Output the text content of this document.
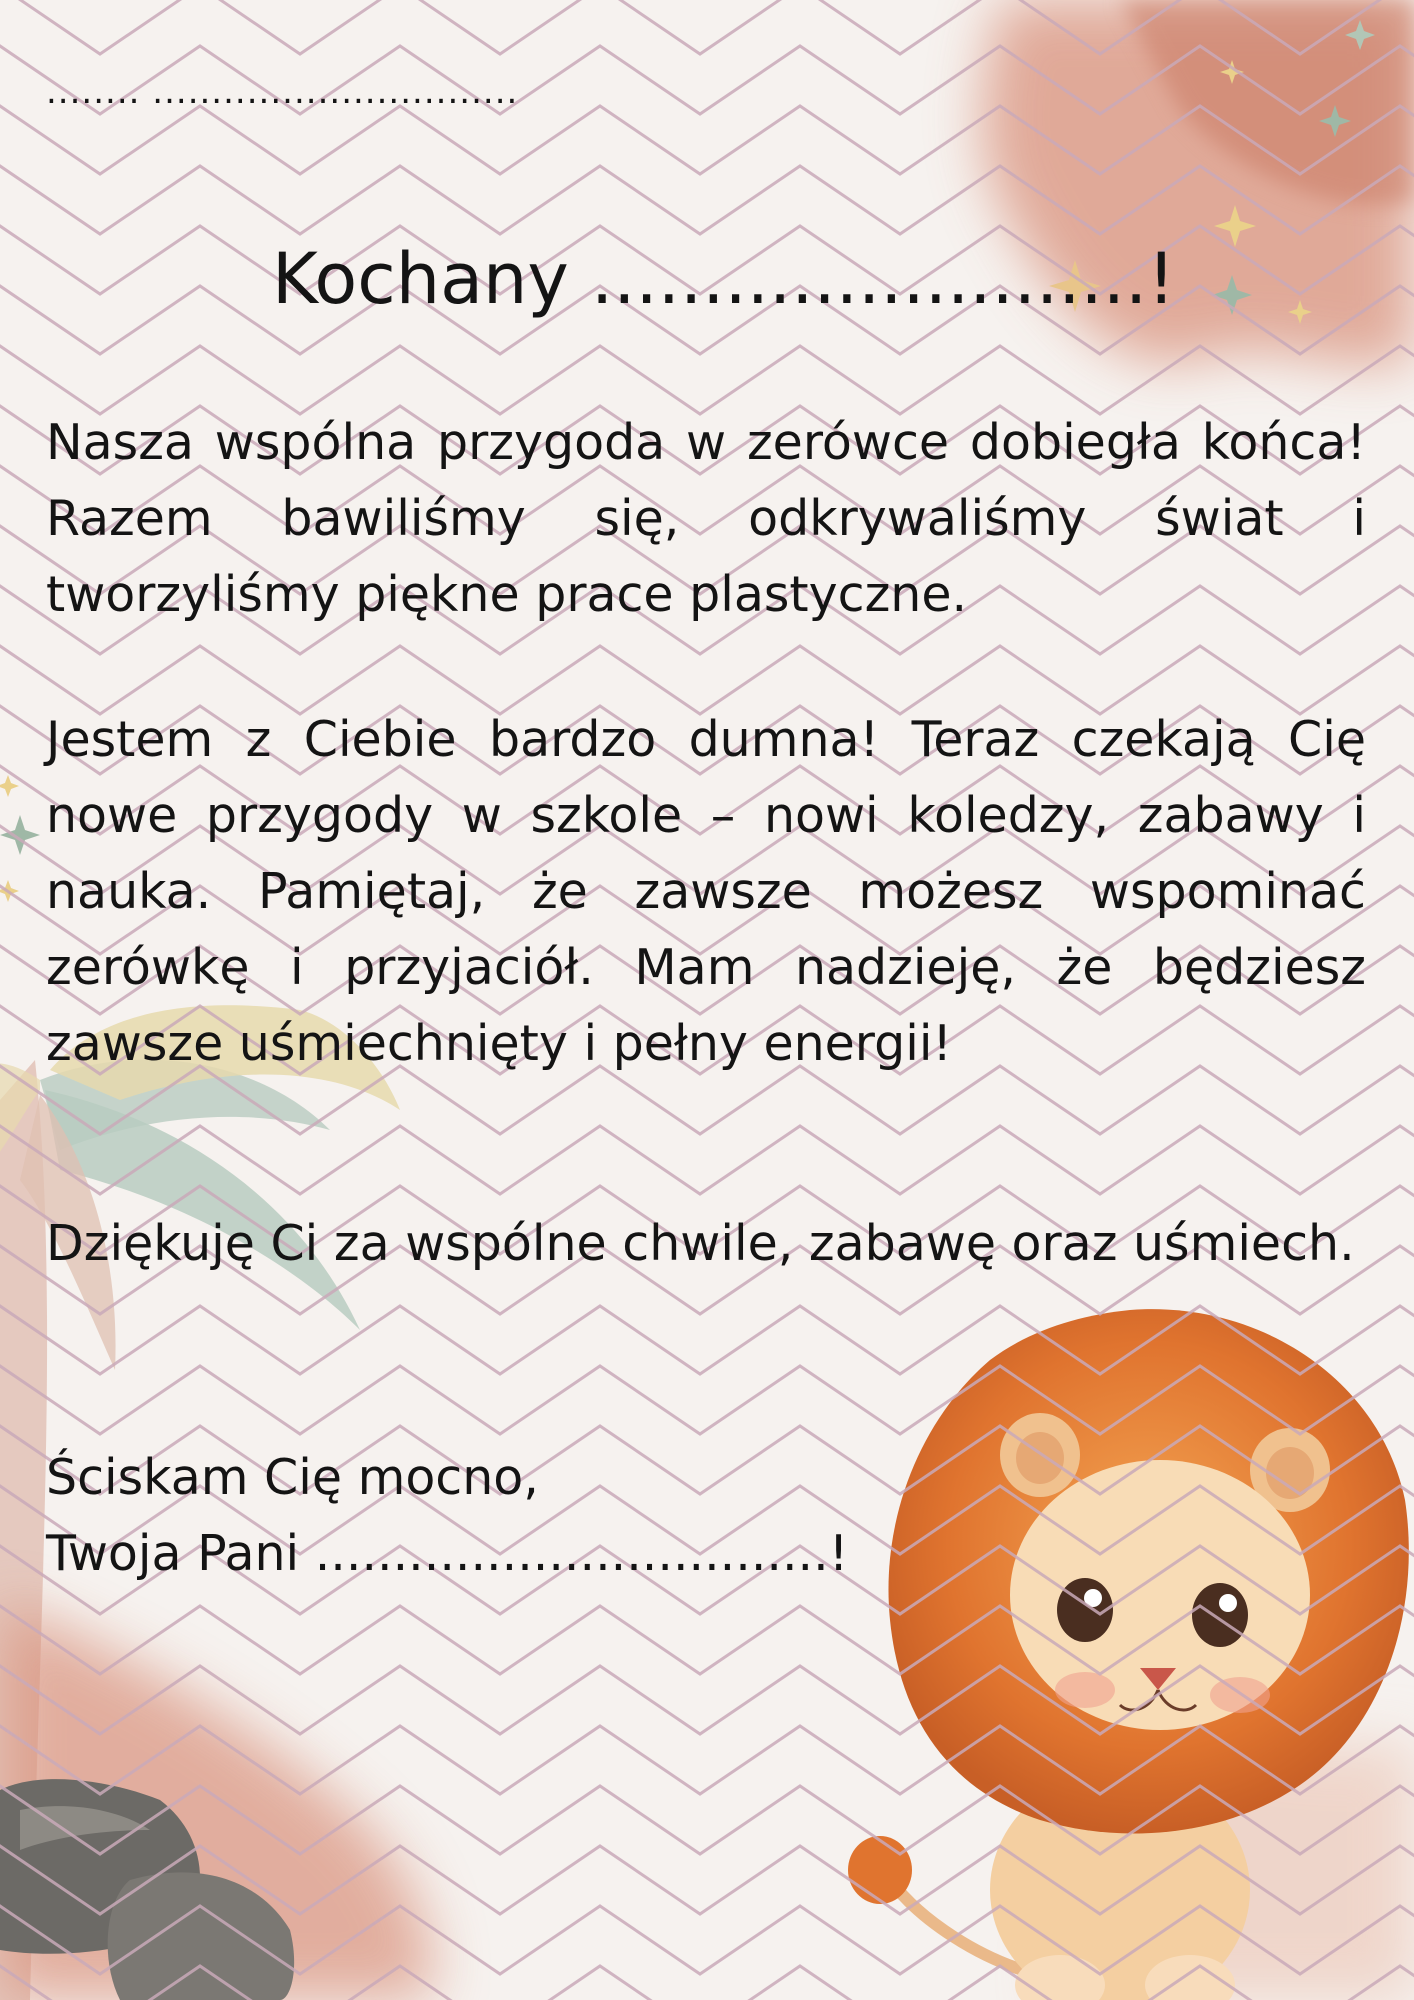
........ ...............................
Kochany .........................!

Nasza wspólna przygoda w zerówce dobiegła końca! Razem bawiliśmy się, odkrywaliśmy świat i tworzyliśmy piękne prace plastyczne.

Jestem z Ciebie bardzo dumna! Teraz czekają Cię nowe przygody w szkole – nowi koledzy, zabawy i nauka. Pamiętaj, że zawsze możesz wspominać zerówkę i przyjaciół. Mam nadzieję, że będziesz zawsze uśmiechnięty i pełny energii!

Dziękuję Ci za wspólne chwile, zabawę oraz uśmiech.

Ściskam Cię mocno,
Twoja Pani .................................!
